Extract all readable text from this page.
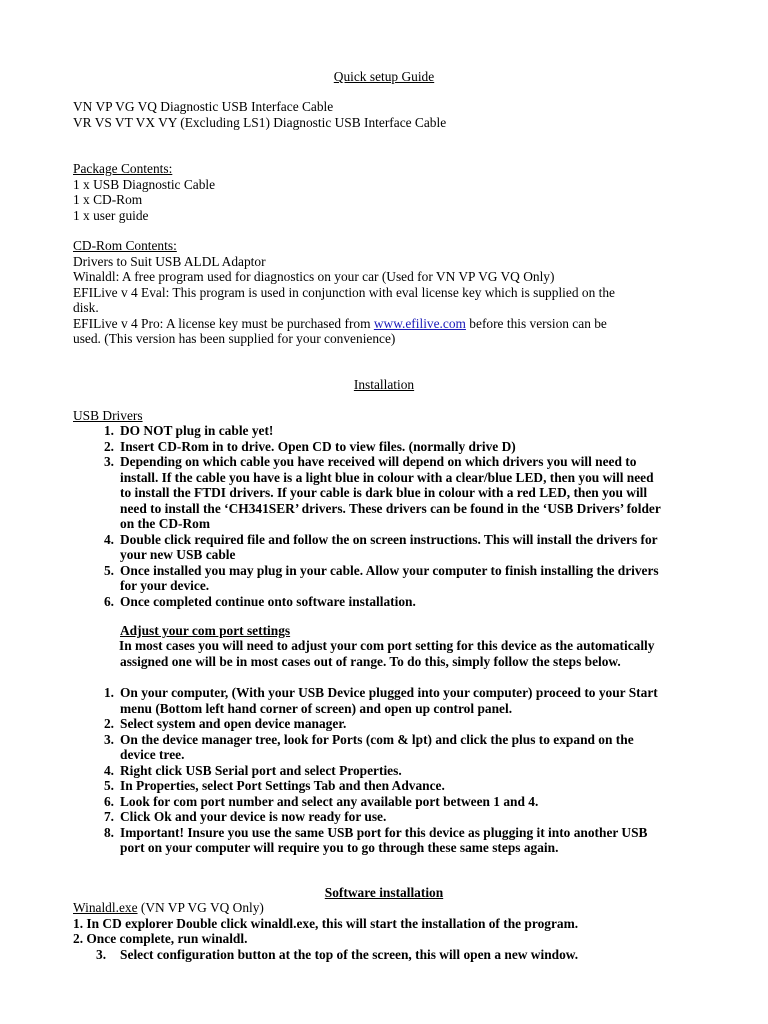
Quick setup Guide
VN VP VG VQ Diagnostic USB Interface Cable
VR VS VT VX VY (Excluding LS1) Diagnostic USB Interface Cable
Package Contents:
1 x USB Diagnostic Cable
1 x CD-Rom
1 x user guide
CD-Rom Contents:
Drivers to Suit USB ALDL Adaptor
Winaldl: A free program used for diagnostics on your car (Used for VN VP VG VQ Only)
EFILive v 4 Eval: This program is used in conjunction with eval license key which is supplied on the
disk.
EFILive v 4 Pro: A license key must be purchased from www.efilive.com before this version can be
used. (This version has been supplied for your convenience)
Installation
USB Drivers
1. DO NOT plug in cable yet!
2. Insert CD-Rom in to drive. Open CD to view files. (normally drive D)
3. Depending on which cable you have received will depend on which drivers you will need to
install. If the cable you have is a light blue in colour with a clear/blue LED, then you will need
to install the FTDI drivers. If your cable is dark blue in colour with a red LED, then you will
need to install the ‘CH341SER’ drivers. These drivers can be found in the ‘USB Drivers’ folder
on the CD-Rom
4. Double click required file and follow the on screen instructions. This will install the drivers for
your new USB cable
5. Once installed you may plug in your cable. Allow your computer to finish installing the drivers
for your device.
6. Once completed continue onto software installation.
Adjust your com port settings
In most cases you will need to adjust your com port setting for this device as the automatically
assigned one will be in most cases out of range. To do this, simply follow the steps below.
1. On your computer, (With your USB Device plugged into your computer) proceed to your Start
menu (Bottom left hand corner of screen) and open up control panel.
2. Select system and open device manager.
3. On the device manager tree, look for Ports (com & lpt) and click the plus to expand on the
device tree.
4. Right click USB Serial port and select Properties.
5. In Properties, select Port Settings Tab and then Advance.
6. Look for com port number and select any available port between 1 and 4.
7. Click Ok and your device is now ready for use.
8. Important! Insure you use the same USB port for this device as plugging it into another USB
port on your computer will require you to go through these same steps again.
Software installation
Winaldl.exe (VN VP VG VQ Only)
1. In CD explorer Double click winaldl.exe, this will start the installation of the program.
2. Once complete, run winaldl.
3. Select configuration button at the top of the screen, this will open a new window.
